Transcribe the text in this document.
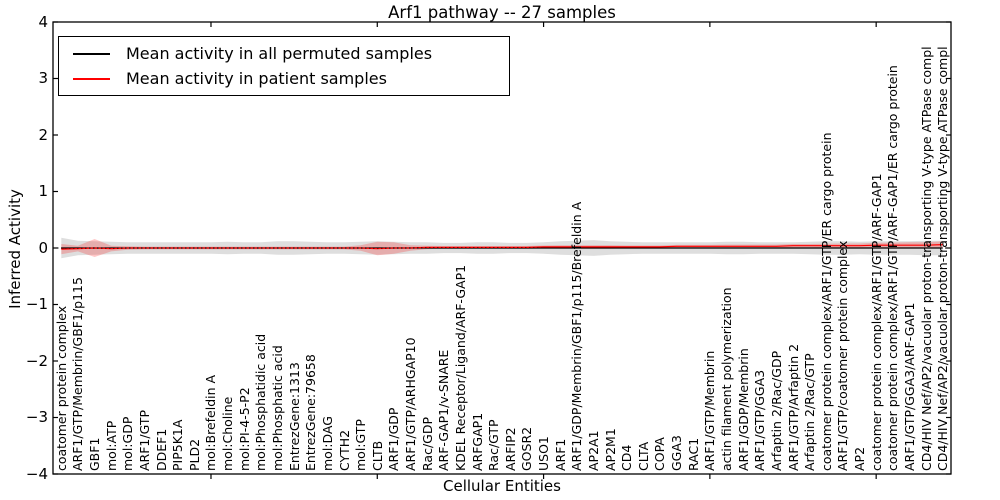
Arf1 pathway -- 27 samples
Inferred Activity
Cellular Entities
Mean activity in all permuted samples
Mean activity in patient samples
−4
−3
−2
−1
0
1
2
3
4
coatomer protein complex ARF1/GTP/Membrin/GBF1/p115 GBF1 mol:ATP mol:GDP ARF1/GTP DDEF1 PIP5K1A PLD2 mol:Brefeldin A mol:Choline mol:PI-4-5-P2 mol:Phosphatidic acid mol:Phosphatic acid EntrezGene:1313 EntrezGene:79658 mol:DAG CYTH2 mol:GTP CLTB ARF1/GDP ARF1/GTP/ARHGAP10 Rac/GDP ARF-GAP1/v-SNARE KDEL Receptor/Ligand/ARF-GAP1 ARFGAP1 Rac/GTP ARFIP2 GOSR2 USO1 ARF1 ARF1/GDP/Membrin/GBF1/p115/Brefeldin A AP2A1 AP2M1 CD4 CLTA COPA GGA3 RAC1 ARF1/GTP/Membrin actin filament polymerization ARF1/GDP/Membrin ARF1/GTP/GGA3 Arfaptin 2/Rac/GDP ARF1/GTP/Arfaptin 2 Arfaptin 2/Rac/GTP coatomer protein complex/ARF1/GTP/ER cargo protein ARF1/GTP/coatomer protein complex AP2 coatomer protein complex/ARF1/GTP/ARF-GAP1 coatomer protein complex/ARF1/GTP/ARF-GAP1/ER cargo protein ARF1/GTP/GGA3/ARF-GAP1 CD4/HIV Nef/AP2/vacuolar proton-transporting V-type ATPase compl CD4/HIV Nef/AP2/vacuolar proton-transporting V-type ATPase compl
